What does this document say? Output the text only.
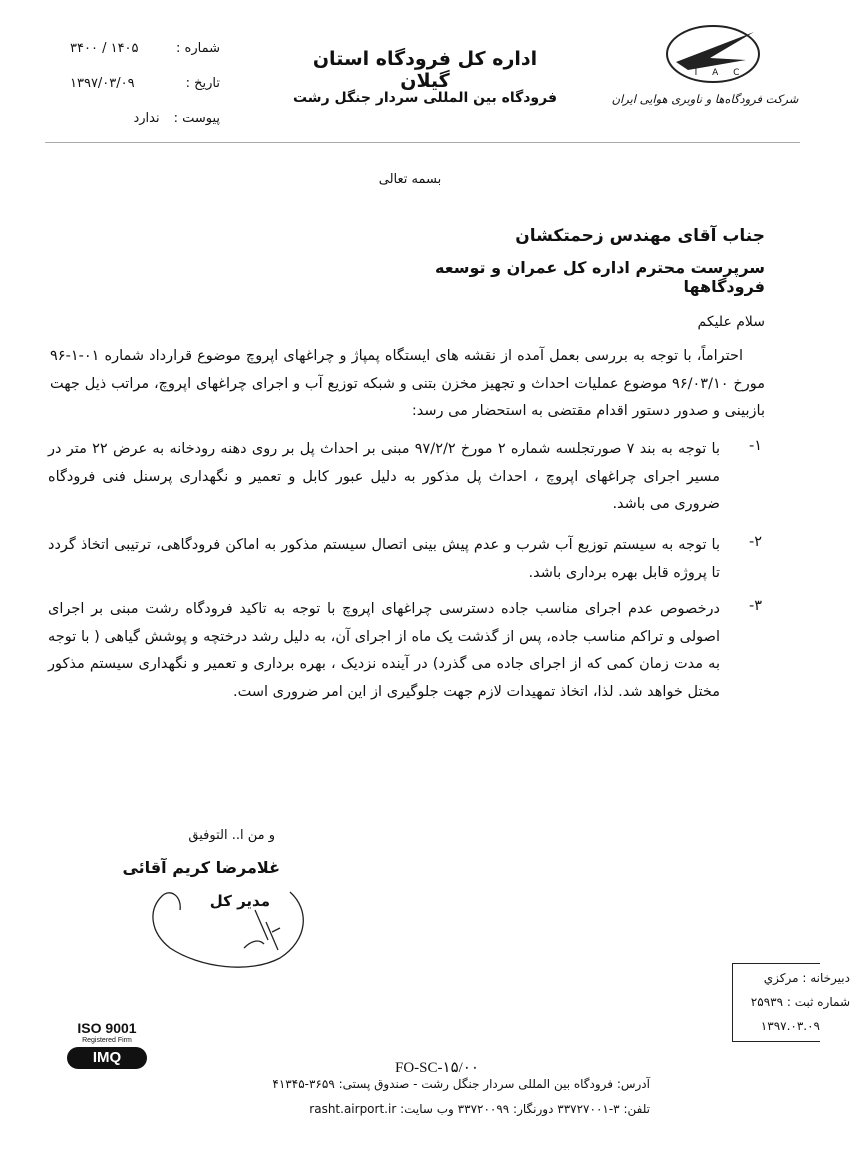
شماره :
۱۴۰۵ / ۳۴۰۰
تاریخ :
۱۳۹۷/۰۳/۰۹
پیوست :
ندارد
اداره کل فرودگاه استان گیلان
فرودگاه بین المللی سردار جنگل رشت
I A C
شرکت فرودگاه‌ها و ناوبری هوایی ایران
بسمه تعالی
جناب آقای مهندس زحمتکشان
سرپرست محترم اداره کل عمران و توسعه فرودگاهها
سلام علیکم
احتراماً، با توجه به بررسی بعمل آمده از نقشه های ایستگاه پمپاژ و چراغهای اپروچ موضوع قرارداد شماره ۰۱-۱-۹۶ مورخ ۹۶/۰۳/۱۰ موضوع عملیات احداث و تجهیز مخزن بتنی و شبکه توزیع آب و اجرای چراغهای اپروچ، مراتب ذیل جهت بازبینی و صدور دستور اقدام مقتضی به استحضار می رسد:
-۱
با توجه به بند ۷ صورتجلسه شماره ۲ مورخ ۹۷/۲/۲ مبنی بر احداث پل بر روی دهنه رودخانه به عرض ۲۲ متر در مسیر اجرای چراغهای اپروچ ، احداث پل مذکور به دلیل عبور کابل و تعمیر و نگهداری پرسنل فنی فرودگاه ضروری می باشد.
-۲
با توجه به سیستم توزیع آب شرب و عدم پیش بینی اتصال سیستم مذکور به اماکن فرودگاهی، ترتیبی اتخاذ گردد تا پروژه قابل بهره برداری باشد.
-۳
درخصوص عدم اجرای مناسب جاده دسترسی چراغهای اپروچ با توجه به تاکید فرودگاه رشت مبنی بر اجرای اصولی و تراکم مناسب جاده، پس از گذشت یک ماه از اجرای آن، به دلیل رشد درختچه و پوشش گیاهی ( با توجه به مدت زمان کمی که از اجرای جاده می گذرد) در آینده نزدیک ، بهره برداری و تعمیر و نگهداری سیستم مذکور مختل خواهد شد. لذا، اتخاذ تمهیدات لازم جهت جلوگیری از این امر ضروری است.
و من ا.. التوفیق
غلامرضا کریم آقائی
مدیر کل
دبیرخانه : مرکزي
شماره ثبت : ۲۵۹۳۹
۱۳۹۷.۰۳.۰۹
ISO 9001
Registered Firm
IMQ
FO-SC-۱۵/۰۰
آدرس: فرودگاه بین المللی سردار جنگل رشت - صندوق پستی: ۳۶۵۹-۴۱۳۴۵
تلفن: ۳-۳۳۷۲۷۰۰۱ دورنگار: ۳۳۷۲۰۰۹۹ وب سایت: rasht.airport.ir
